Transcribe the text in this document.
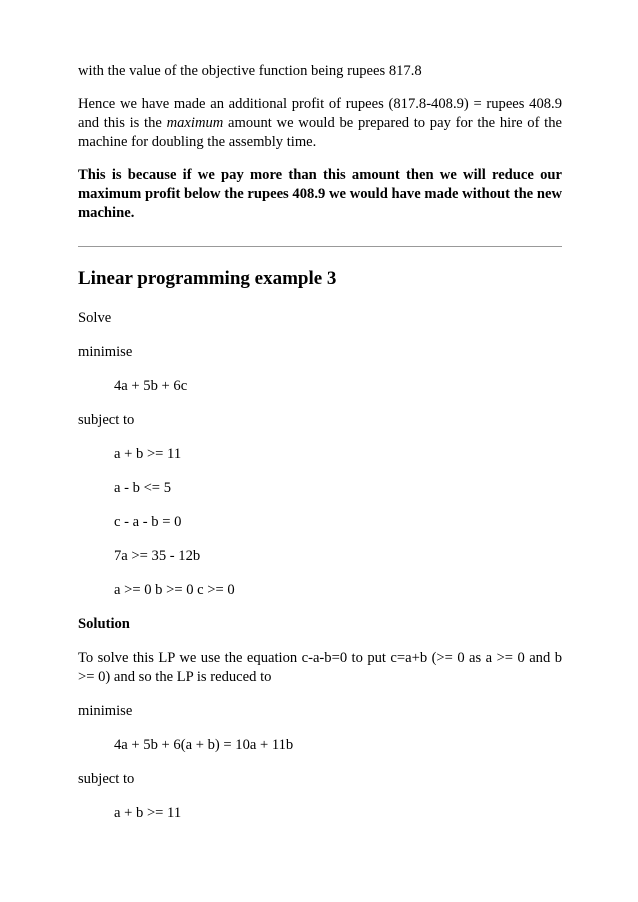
with the value of the objective function being rupees 817.8

Hence we have made an additional profit of rupees (817.8-408.9) = rupees 408.9 and this is the maximum amount we would be prepared to pay for the hire of the machine for doubling the assembly time.

This is because if we pay more than this amount then we will reduce our maximum profit below the rupees 408.9 we would have made without the new machine.

Linear programming example 3

Solve

minimise

4a + 5b + 6c

subject to

a + b >= 11

a - b <= 5

c - a - b = 0

7a >= 35 - 12b

a >= 0 b >= 0 c >= 0

Solution

To solve this LP we use the equation c-a-b=0 to put c=a+b (>= 0 as a >= 0 and b >= 0) and so the LP is reduced to

minimise

4a + 5b + 6(a + b) = 10a + 11b

subject to

a + b >= 11
